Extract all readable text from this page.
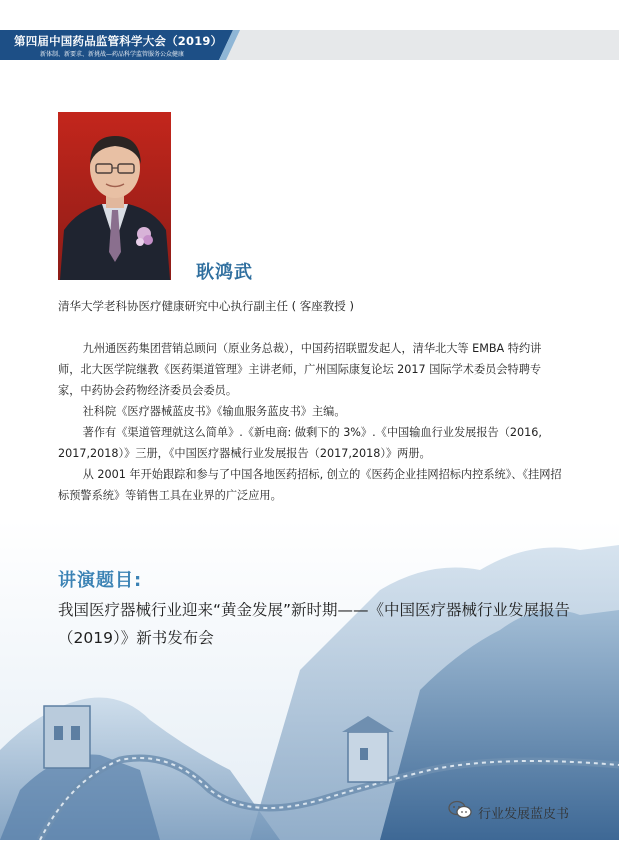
第四届中国药品监管科学大会（2019）
新体制、新要求、新挑战—药品科学监管服务公众健康
耿鸿武
清华大学老科协医疗健康研究中心执行副主任 ( 客座教授 )

九州通医药集团营销总顾问（原业务总裁），中国药招联盟发起人，清华北大等 EMBA 特约讲师，北大医学院继教《医药渠道管理》主讲老师，广州国际康复论坛 2017 国际学术委员会特聘专家，中药协会药物经济委员会委员。

社科院《医疗器械蓝皮书》《输血服务蓝皮书》主编。

著作有《渠道管理就这么简单》.《新电商: 做剩下的 3%》.《中国输血行业发展报告（2016, 2017,2018）》三册，《中国医疗器械行业发展报告（2017,2018）》两册。

从 2001 年开始跟踪和参与了中国各地医药招标, 创立的《医药企业挂网招标内控系统》、《挂网招标预警系统》等销售工具在业界的广泛应用。

讲演题目:
我国医疗器械行业迎来“黄金发展”新时期——《中国医疗器械行业发展报告（2019）》新书发布会
行业发展蓝皮书
